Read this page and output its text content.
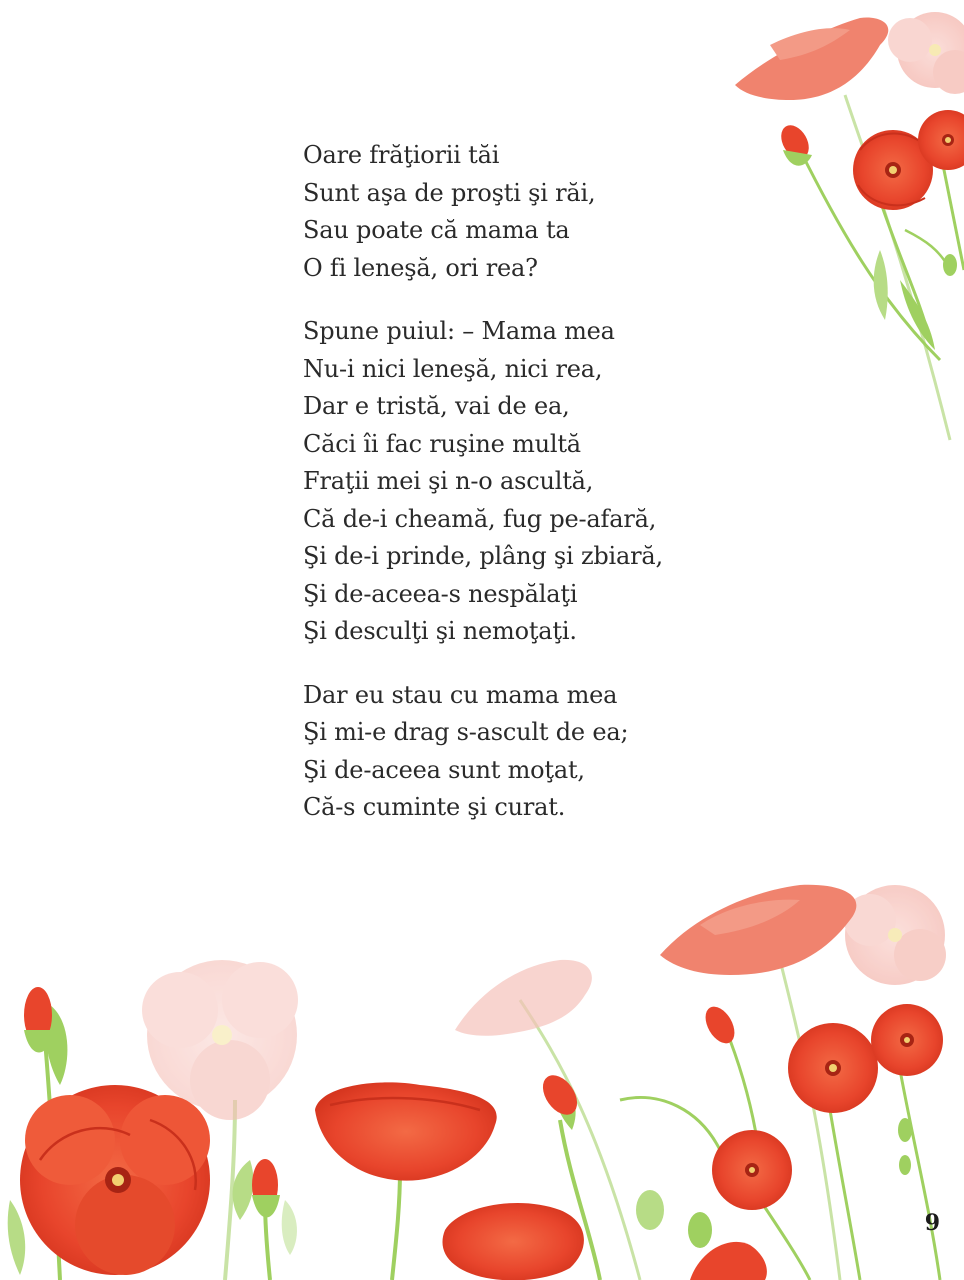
Oare frăţiorii tăi
Sunt aşa de proşti şi răi,
Sau poate că mama ta
O fi leneşă, ori rea?

Spune puiul: – Mama mea
Nu-i nici leneşă, nici rea,
Dar e tristă, vai de ea,
Căci îi fac ruşine multă
Fraţii mei şi n-o ascultă,
Că de-i cheamă, fug pe-afară,
Şi de-i prinde, plâng şi zbiară,
Şi de-aceea-s nespălaţi
Şi desculţi şi nemoţaţi.

Dar eu stau cu mama mea
Şi mi-e drag s-ascult de ea;
Şi de-aceea sunt moţat,
Că-s cuminte şi curat.

9
